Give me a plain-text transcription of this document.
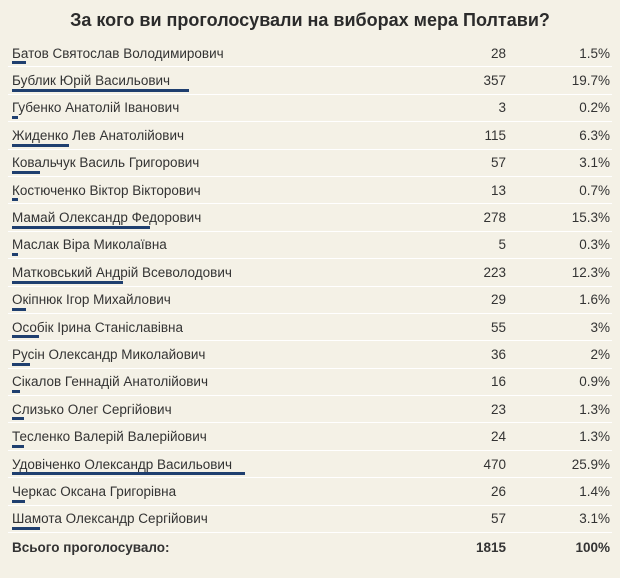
За кого ви проголосували на виборах мера Полтави?
Батов Святослав Володимирович	28	1.5%
Бублик Юрій Васильович	357	19.7%
Губенко Анатолій Іванович	3	0.2%
Жиденко Лев Анатолійович	115	6.3%
Ковальчук Василь Григорович	57	3.1%
Костюченко Віктор Вікторович	13	0.7%
Мамай Олександр Федорович	278	15.3%
Маслак Віра Миколаївна	5	0.3%
Матковський Андрій Всеволодович	223	12.3%
Окіпнюк Ігор Михайлович	29	1.6%
Особік Ірина Станіславівна	55	3%
Русін Олександр Миколайович	36	2%
Сікалов Геннадій Анатолійович	16	0.9%
Слизько Олег Сергійович	23	1.3%
Тесленко Валерій Валерійович	24	1.3%
Удовіченко Олександр Васильович	470	25.9%
Черкас Оксана Григорівна	26	1.4%
Шамота Олександр Сергійович	57	3.1%
Всього проголосувало:	1815	100%
